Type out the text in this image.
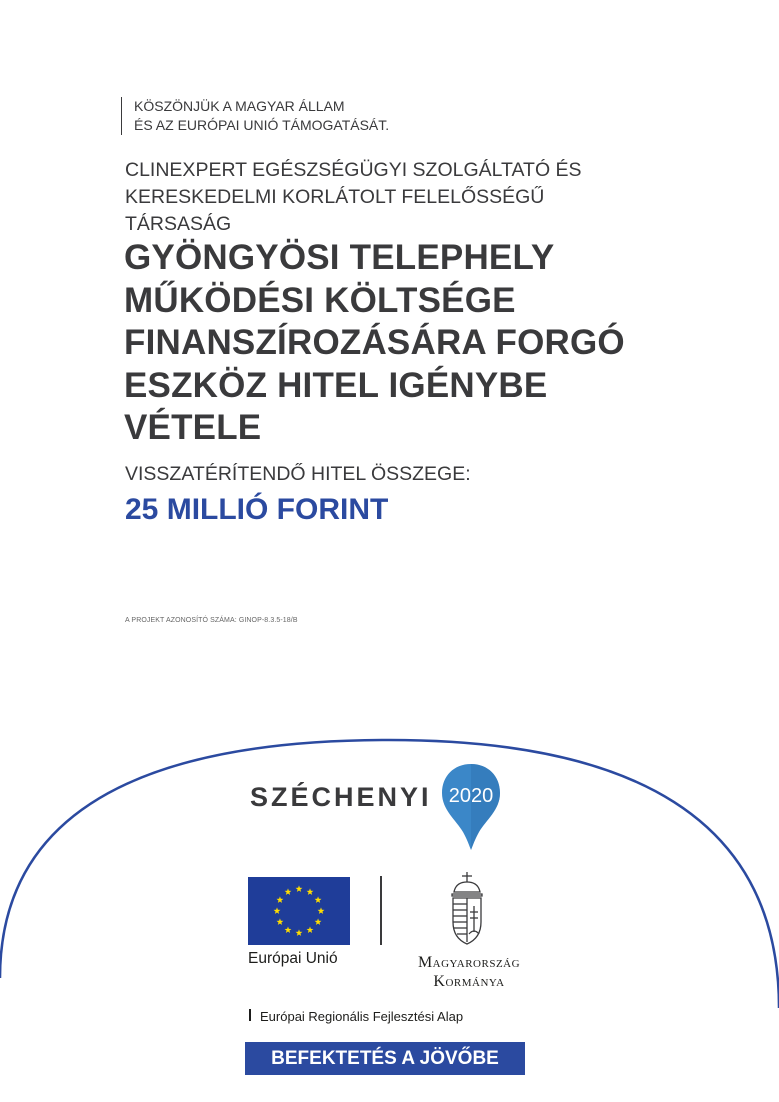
KÖSZÖNJÜK A MAGYAR ÁLLAM
ÉS AZ EURÓPAI UNIÓ TÁMOGATÁSÁT.
CLINEXPERT EGÉSZSÉGÜGYI SZOLGÁLTATÓ ÉS
KERESKEDELMI KORLÁTOLT FELELŐSSÉGŰ
TÁRSASÁG
GYÖNGYÖSI TELEPHELY
MŰKÖDÉSI KÖLTSÉGE
FINANSZÍROZÁSÁRA FORGÓ
ESZKÖZ HITEL IGÉNYBE
VÉTELE
VISSZATÉRÍTENDŐ HITEL ÖSSZEGE:
25 MILLIÓ FORINT
A PROJEKT AZONOSÍTÓ SZÁMA: GINOP-8.3.5-18/B
SZÉCHENYI 2020
Európai Unió	Magyarország
Kormánya
Európai Regionális Fejlesztési Alap
BEFEKTETÉS A JÖVŐBE
